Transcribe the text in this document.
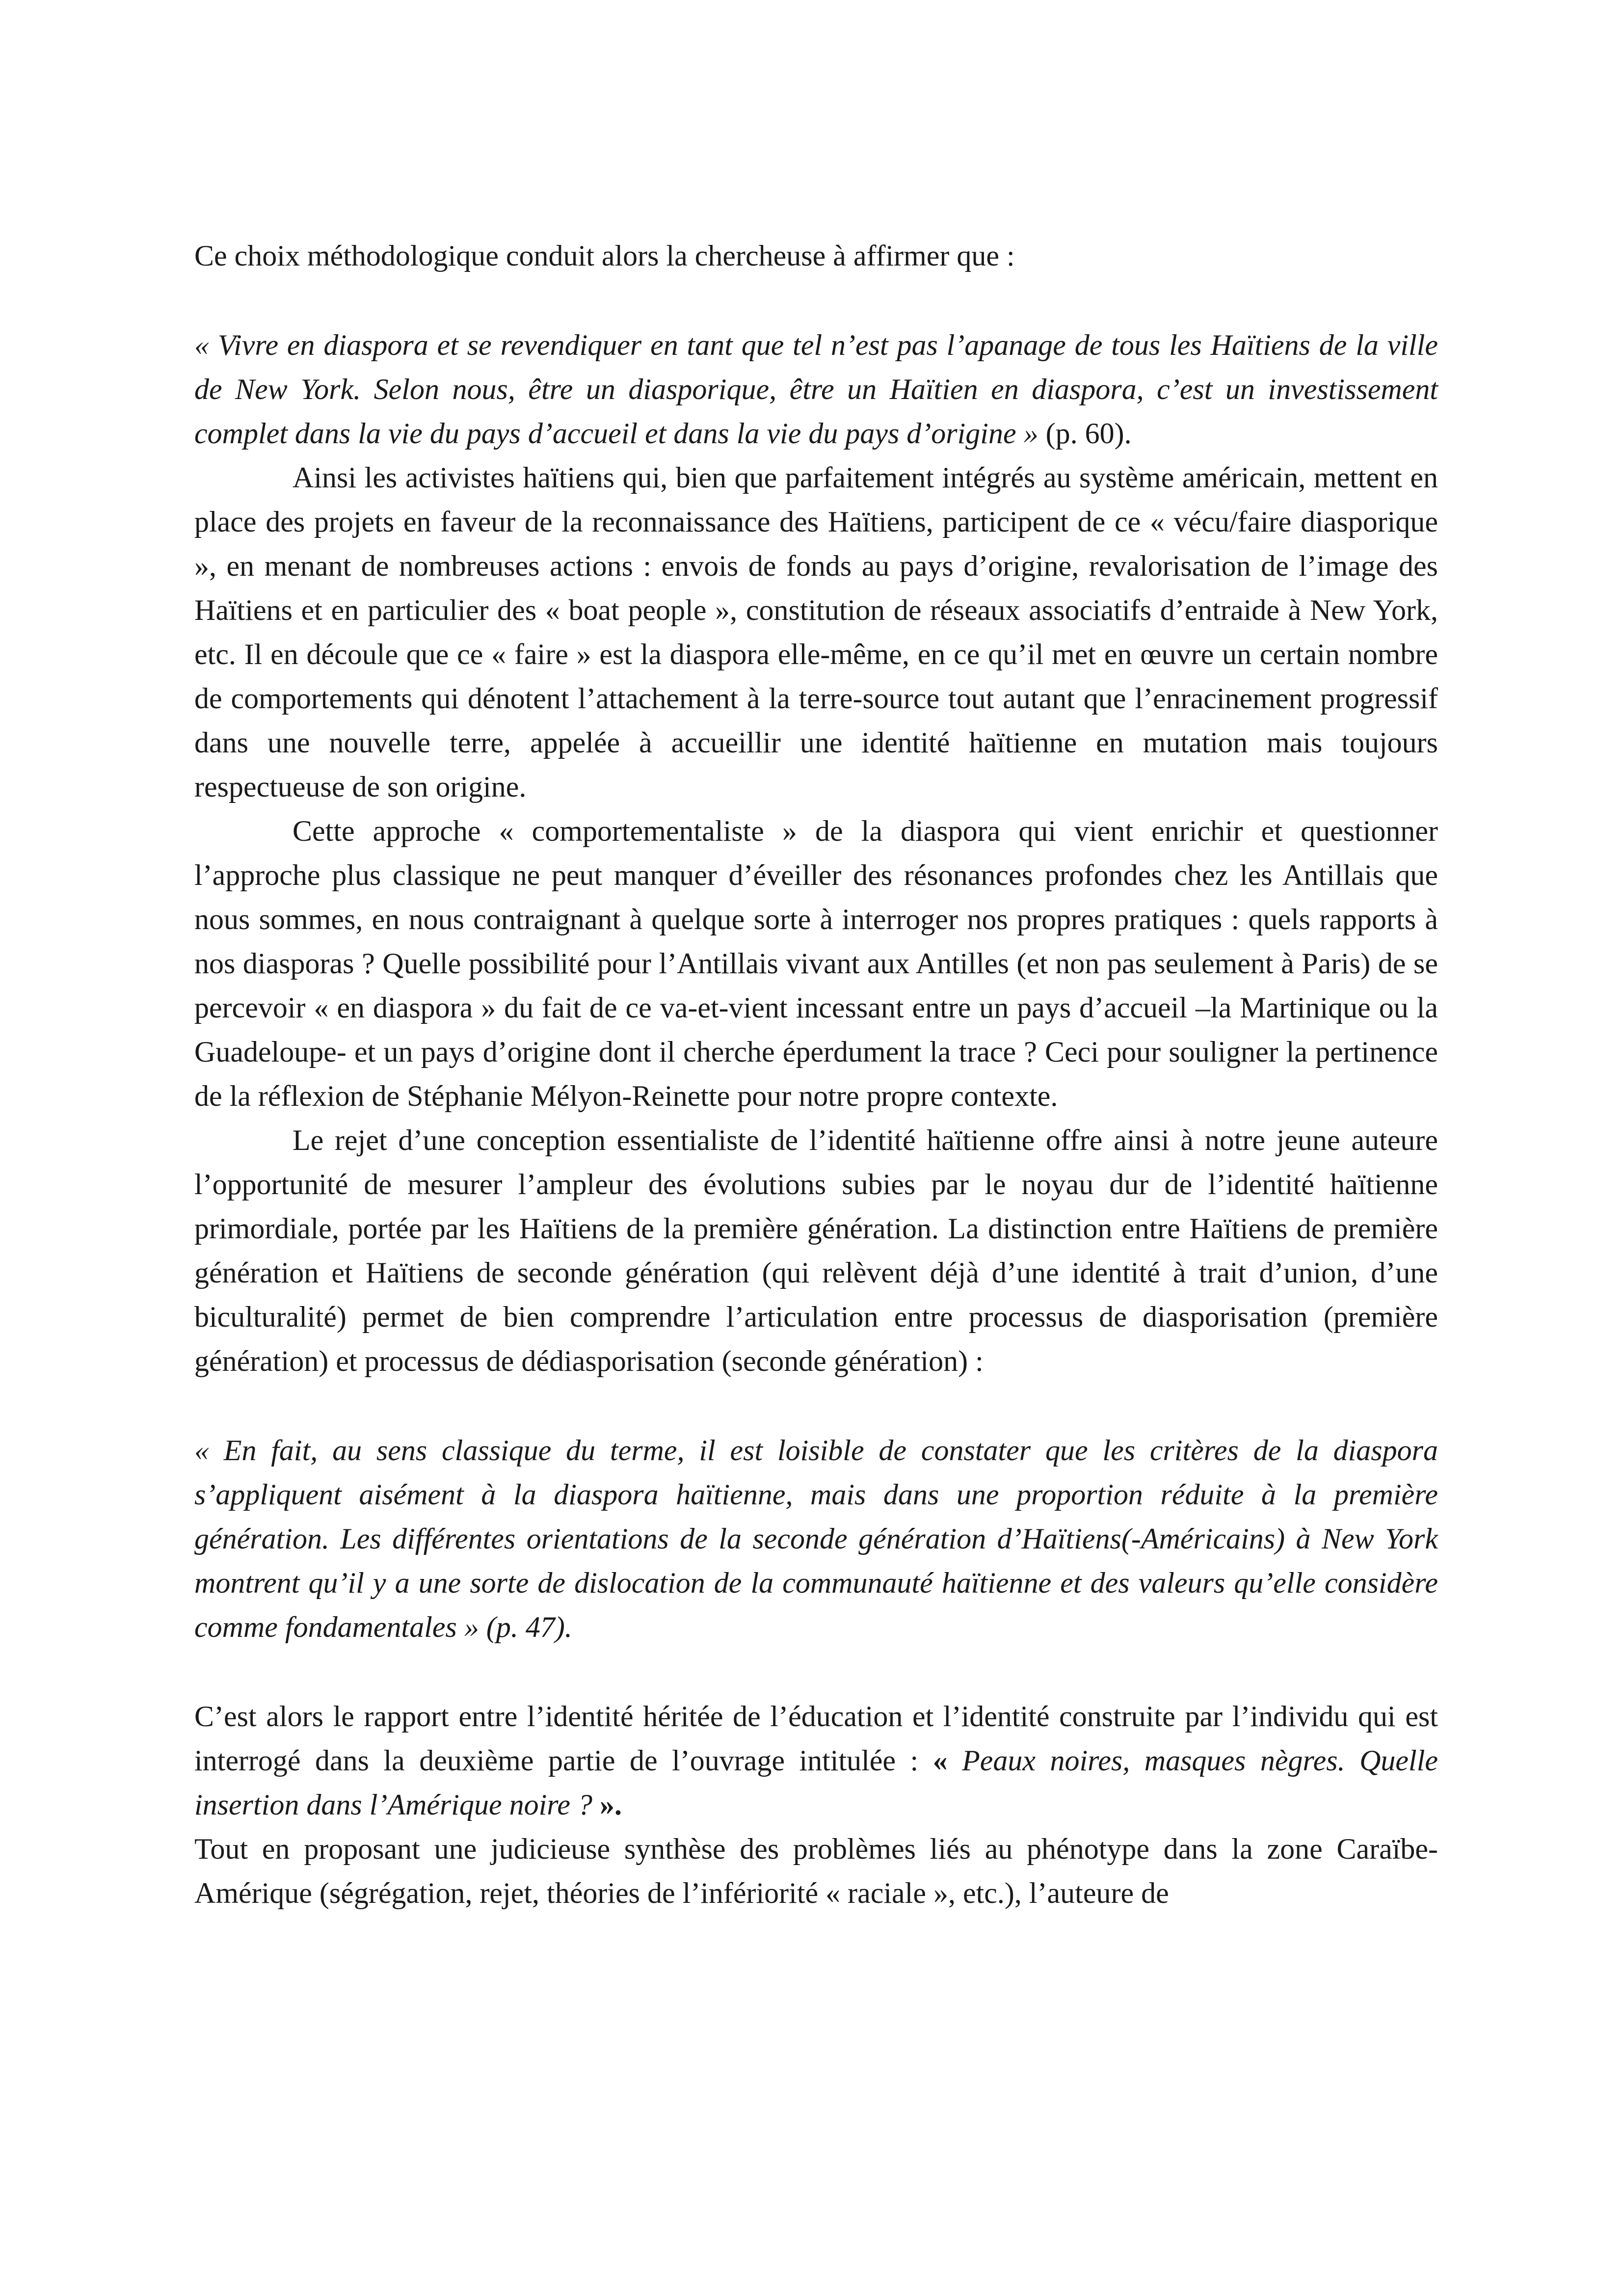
Ce choix méthodologique conduit alors la chercheuse à affirmer que :

« Vivre en diaspora et se revendiquer en tant que tel n’est pas l’apanage de tous les Haïtiens de la ville de New York. Selon nous, être un diasporique, être un Haïtien en diaspora, c’est un investissement complet dans la vie du pays d’accueil et dans la vie du pays d’origine » (p. 60).

Ainsi les activistes haïtiens qui, bien que parfaitement intégrés au système américain, mettent en place des projets en faveur de la reconnaissance des Haïtiens, participent de ce « vécu/faire diasporique », en menant de nombreuses actions : envois de fonds au pays d’origine, revalorisation de l’image des Haïtiens et en particulier des « boat people », constitution de réseaux associatifs d’entraide à New York, etc. Il en découle que ce « faire » est la diaspora elle-même, en ce qu’il met en œuvre un certain nombre de comportements qui dénotent l’attachement à la terre-source tout autant que l’enracinement progressif dans une nouvelle terre, appelée à accueillir une identité haïtienne en mutation mais toujours respectueuse de son origine.

Cette approche « comportementaliste » de la diaspora qui vient enrichir et questionner l’approche plus classique ne peut manquer d’éveiller des résonances profondes chez les Antillais que nous sommes, en nous contraignant à quelque sorte à interroger nos propres pratiques : quels rapports à nos diasporas ? Quelle possibilité pour l’Antillais vivant aux Antilles (et non pas seulement à Paris) de se percevoir « en diaspora » du fait de ce va-et-vient incessant entre un pays d’accueil –la Martinique ou la Guadeloupe- et un pays d’origine dont il cherche éperdument la trace ? Ceci pour souligner la pertinence de la réflexion de Stéphanie Mélyon-Reinette pour notre propre contexte.

Le rejet d’une conception essentialiste de l’identité haïtienne offre ainsi à notre jeune auteure l’opportunité de mesurer l’ampleur des évolutions subies par le noyau dur de l’identité haïtienne primordiale, portée par les Haïtiens de la première génération. La distinction entre Haïtiens de première génération et Haïtiens de seconde génération (qui relèvent déjà d’une identité à trait d’union, d’une biculturalité) permet de bien comprendre l’articulation entre processus de diasporisation (première génération) et processus de dédiasporisation (seconde génération) :

« En fait, au sens classique du terme, il est loisible de constater que les critères de la diaspora s’appliquent aisément à la diaspora haïtienne, mais dans une proportion réduite à la première génération. Les différentes orientations de la seconde génération d’Haïtiens(-Américains) à New York montrent qu’il y a une sorte de dislocation de la communauté haïtienne et des valeurs qu’elle considère comme fondamentales » (p. 47).

C’est alors le rapport entre l’identité héritée de l’éducation et l’identité construite par l’individu qui est interrogé dans la deuxième partie de l’ouvrage intitulée : « Peaux noires, masques nègres. Quelle insertion dans l’Amérique noire ? ».

Tout en proposant une judicieuse synthèse des problèmes liés au phénotype dans la zone Caraïbe-Amérique (ségrégation, rejet, théories de l’infériorité « raciale », etc.), l’auteure de
